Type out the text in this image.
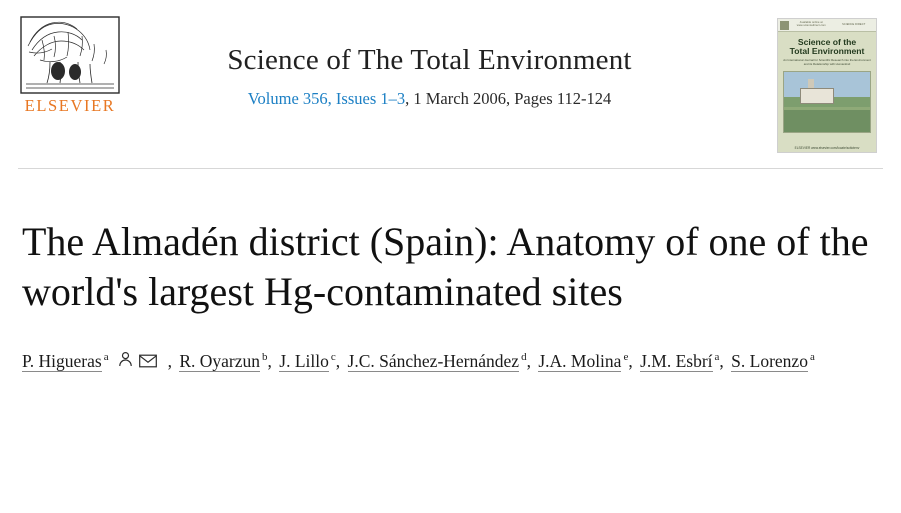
ELSEVIER
Science of The Total Environment
Volume 356, Issues 1–3, 1 March 2006, Pages 112-124
Available online at www.sciencedirect.com	SCIENCE DIRECT
Science of the
Total Environment
An International Journal for Scientific Research into the Environment and its Relationship with Humankind
ELSEVIER www.elsevier.com/locate/scitotenv
The Almadén district (Spain): Anatomy of one of the world's largest Hg-contaminated sites
P. Higueras $^a$	, R. Oyarzun $^b$, J. Lillo $^c$, J.C. Sánchez-Hernández $^d$, J.A. Molina $^e$, J.M. Esbrí $^a$, S. Lorenzo $^a$
